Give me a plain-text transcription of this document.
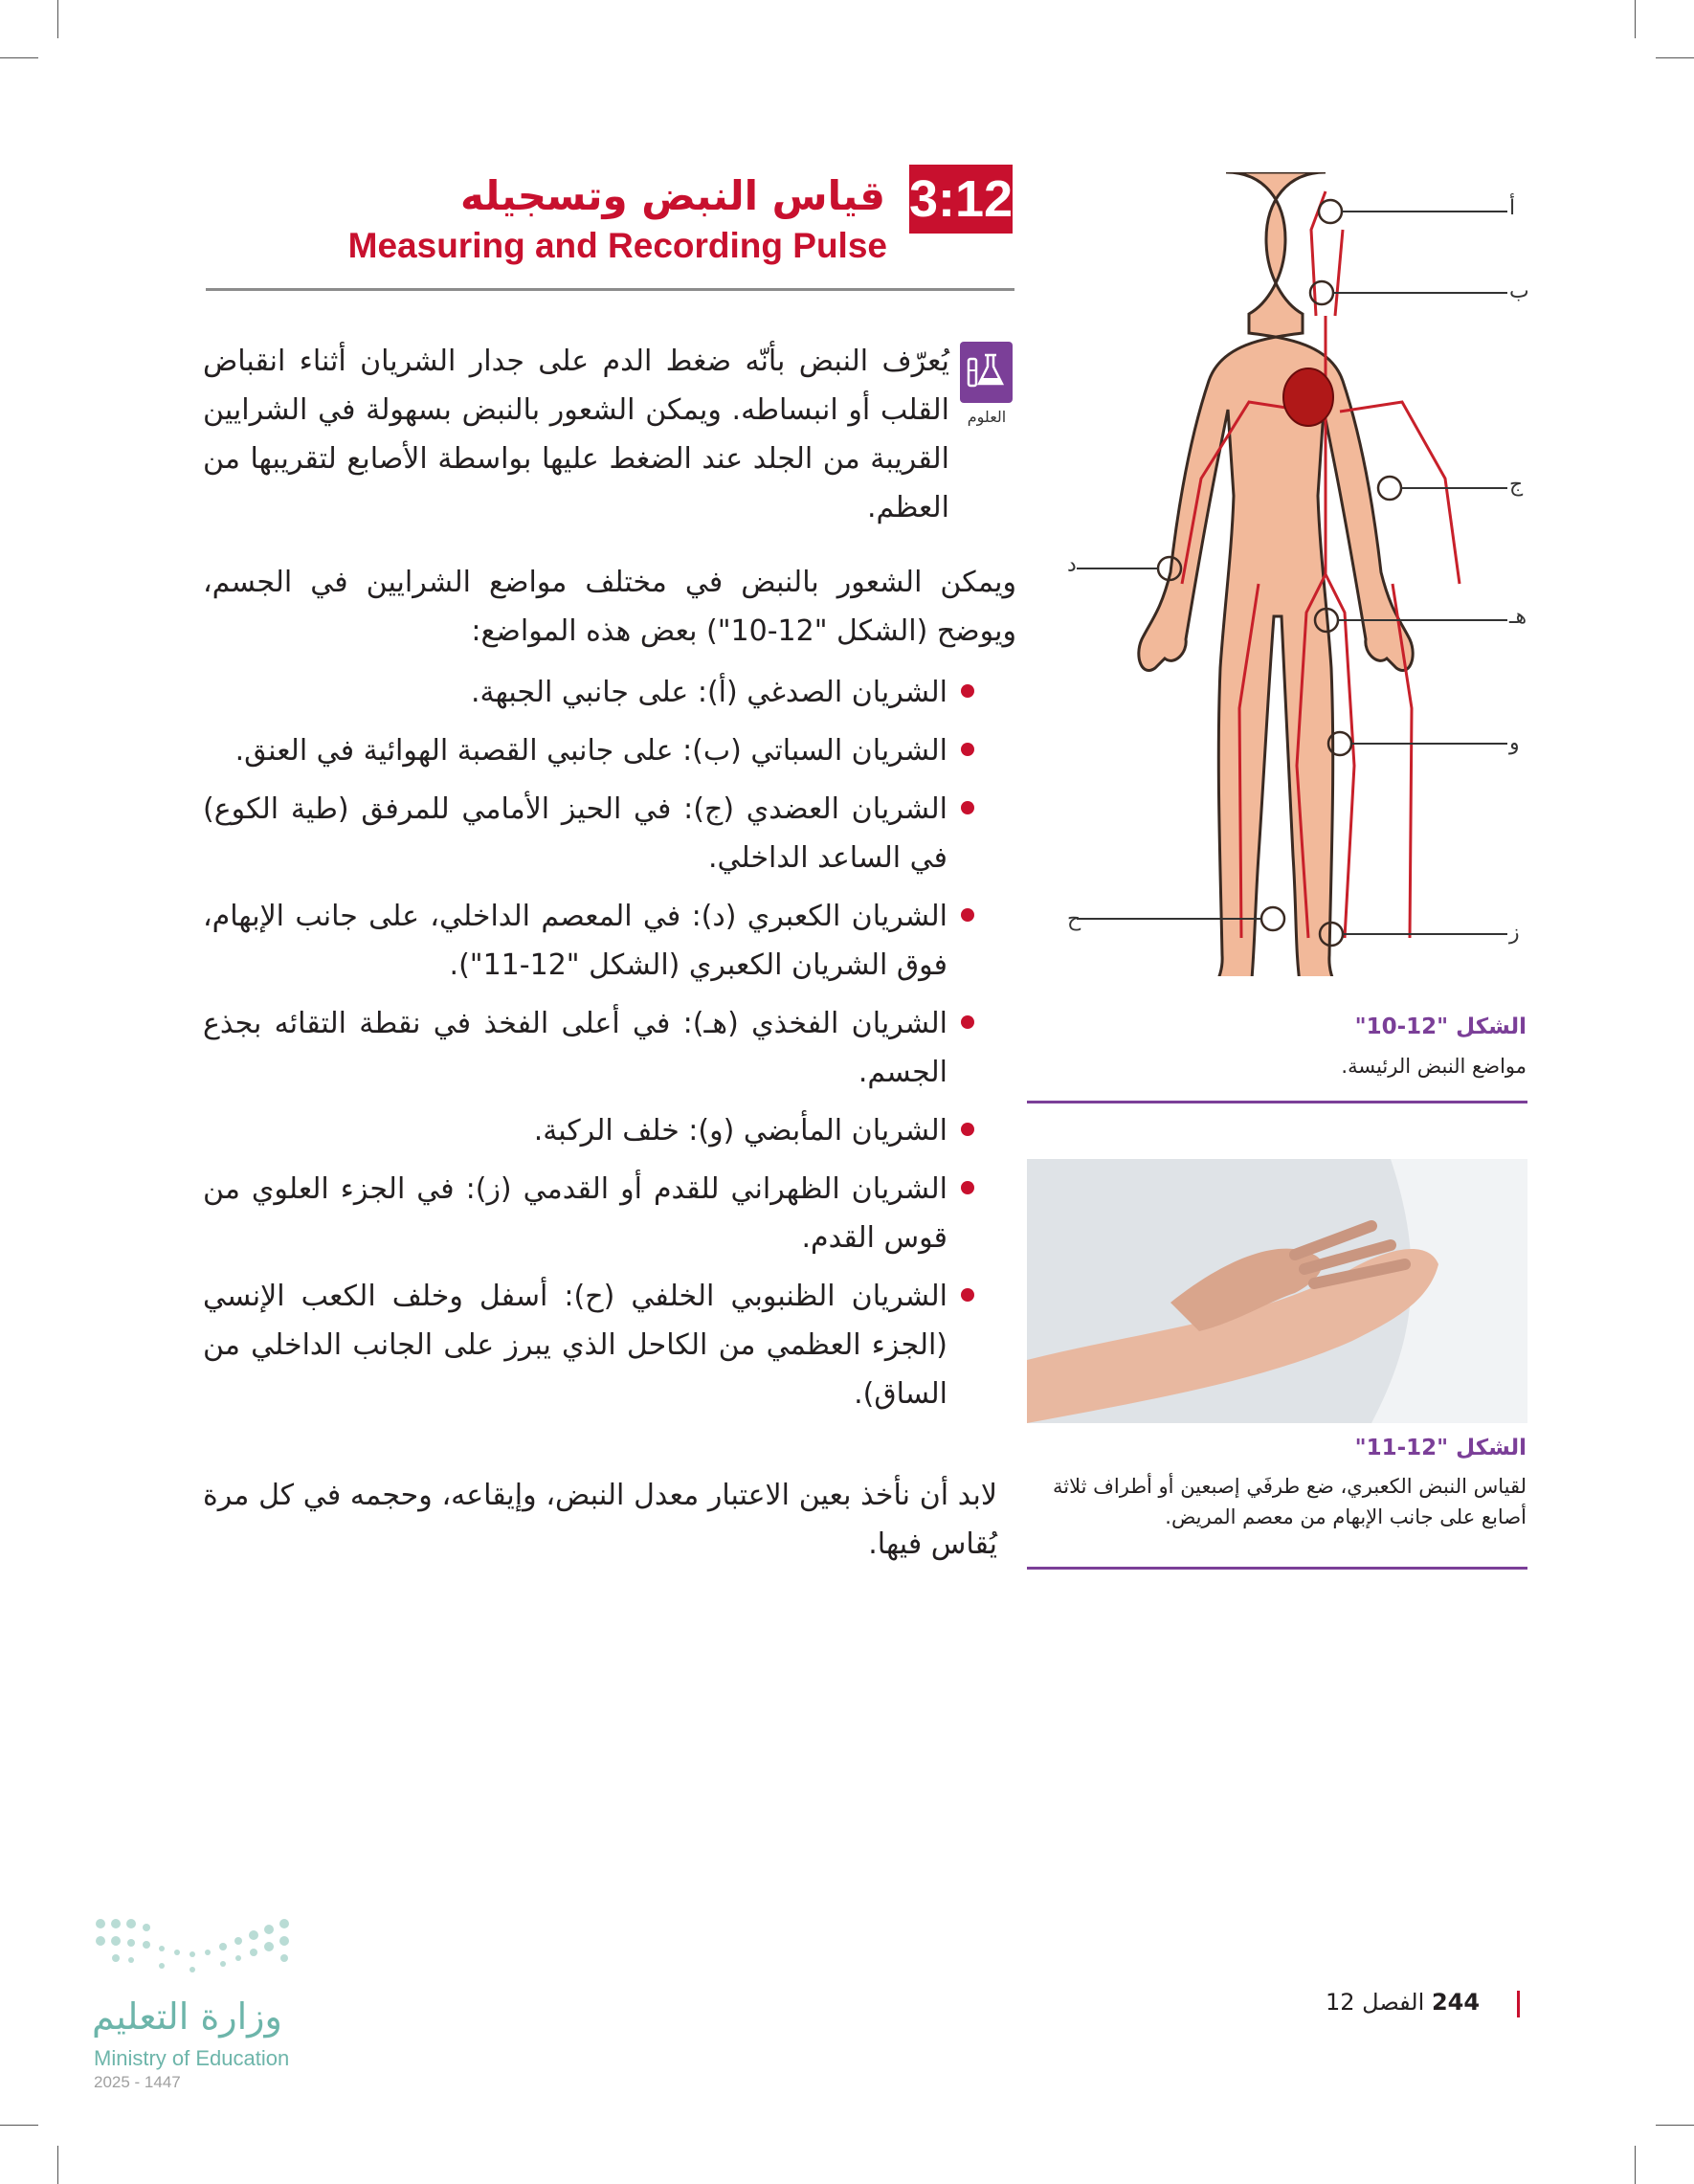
3:12
قياس النبض وتسجيله
Measuring and Recording Pulse
العلوم

يُعرّف النبض بأنّه ضغط الدم على جدار الشريان أثناء انقباض القلب أو انبساطه. ويمكن الشعور بالنبض بسهولة في الشرايين القريبة من الجلد عند الضغط عليها بواسطة الأصابع لتقريبها من العظم.

ويمكن الشعور بالنبض في مختلف مواضع الشرايين في الجسم، ويوضح (الشكل "12-10") بعض هذه المواضع:

الشريان الصدغي (أ): على جانبي الجبهة.
الشريان السباتي (ب): على جانبي القصبة الهوائية في العنق.
الشريان العضدي (ج): في الحيز الأمامي للمرفق (طية الكوع) في الساعد الداخلي.
الشريان الكعبري (د): في المعصم الداخلي، على جانب الإبهام، فوق الشريان الكعبري (الشكل "12-11").
الشريان الفخذي (هـ): في أعلى الفخذ في نقطة التقائه بجذع الجسم.
الشريان المأبضي (و): خلف الركبة.
الشريان الظهراني للقدم أو القدمي (ز): في الجزء العلوي من قوس القدم.
الشريان الظنبوبي الخلفي (ح): أسفل وخلف الكعب الإنسي (الجزء العظمي من الكاحل الذي يبرز على الجانب الداخلي من الساق).

لابد أن نأخذ بعين الاعتبار معدل النبض، وإيقاعه، وحجمه في كل مرة يُقاس فيها.

أ
ب
ج
د
هـ
و
ز
ح
الشكل "12-10"
مواضع النبض الرئيسة.
الشكل "12-11"
لقياس النبض الكعبري، ضع طرفَي إصبعين أو أطراف ثلاثة أصابع على جانب الإبهام من معصم المريض.
وزارة التعليم
Ministry of Education
2025 - 1447
244 الفصل 12
